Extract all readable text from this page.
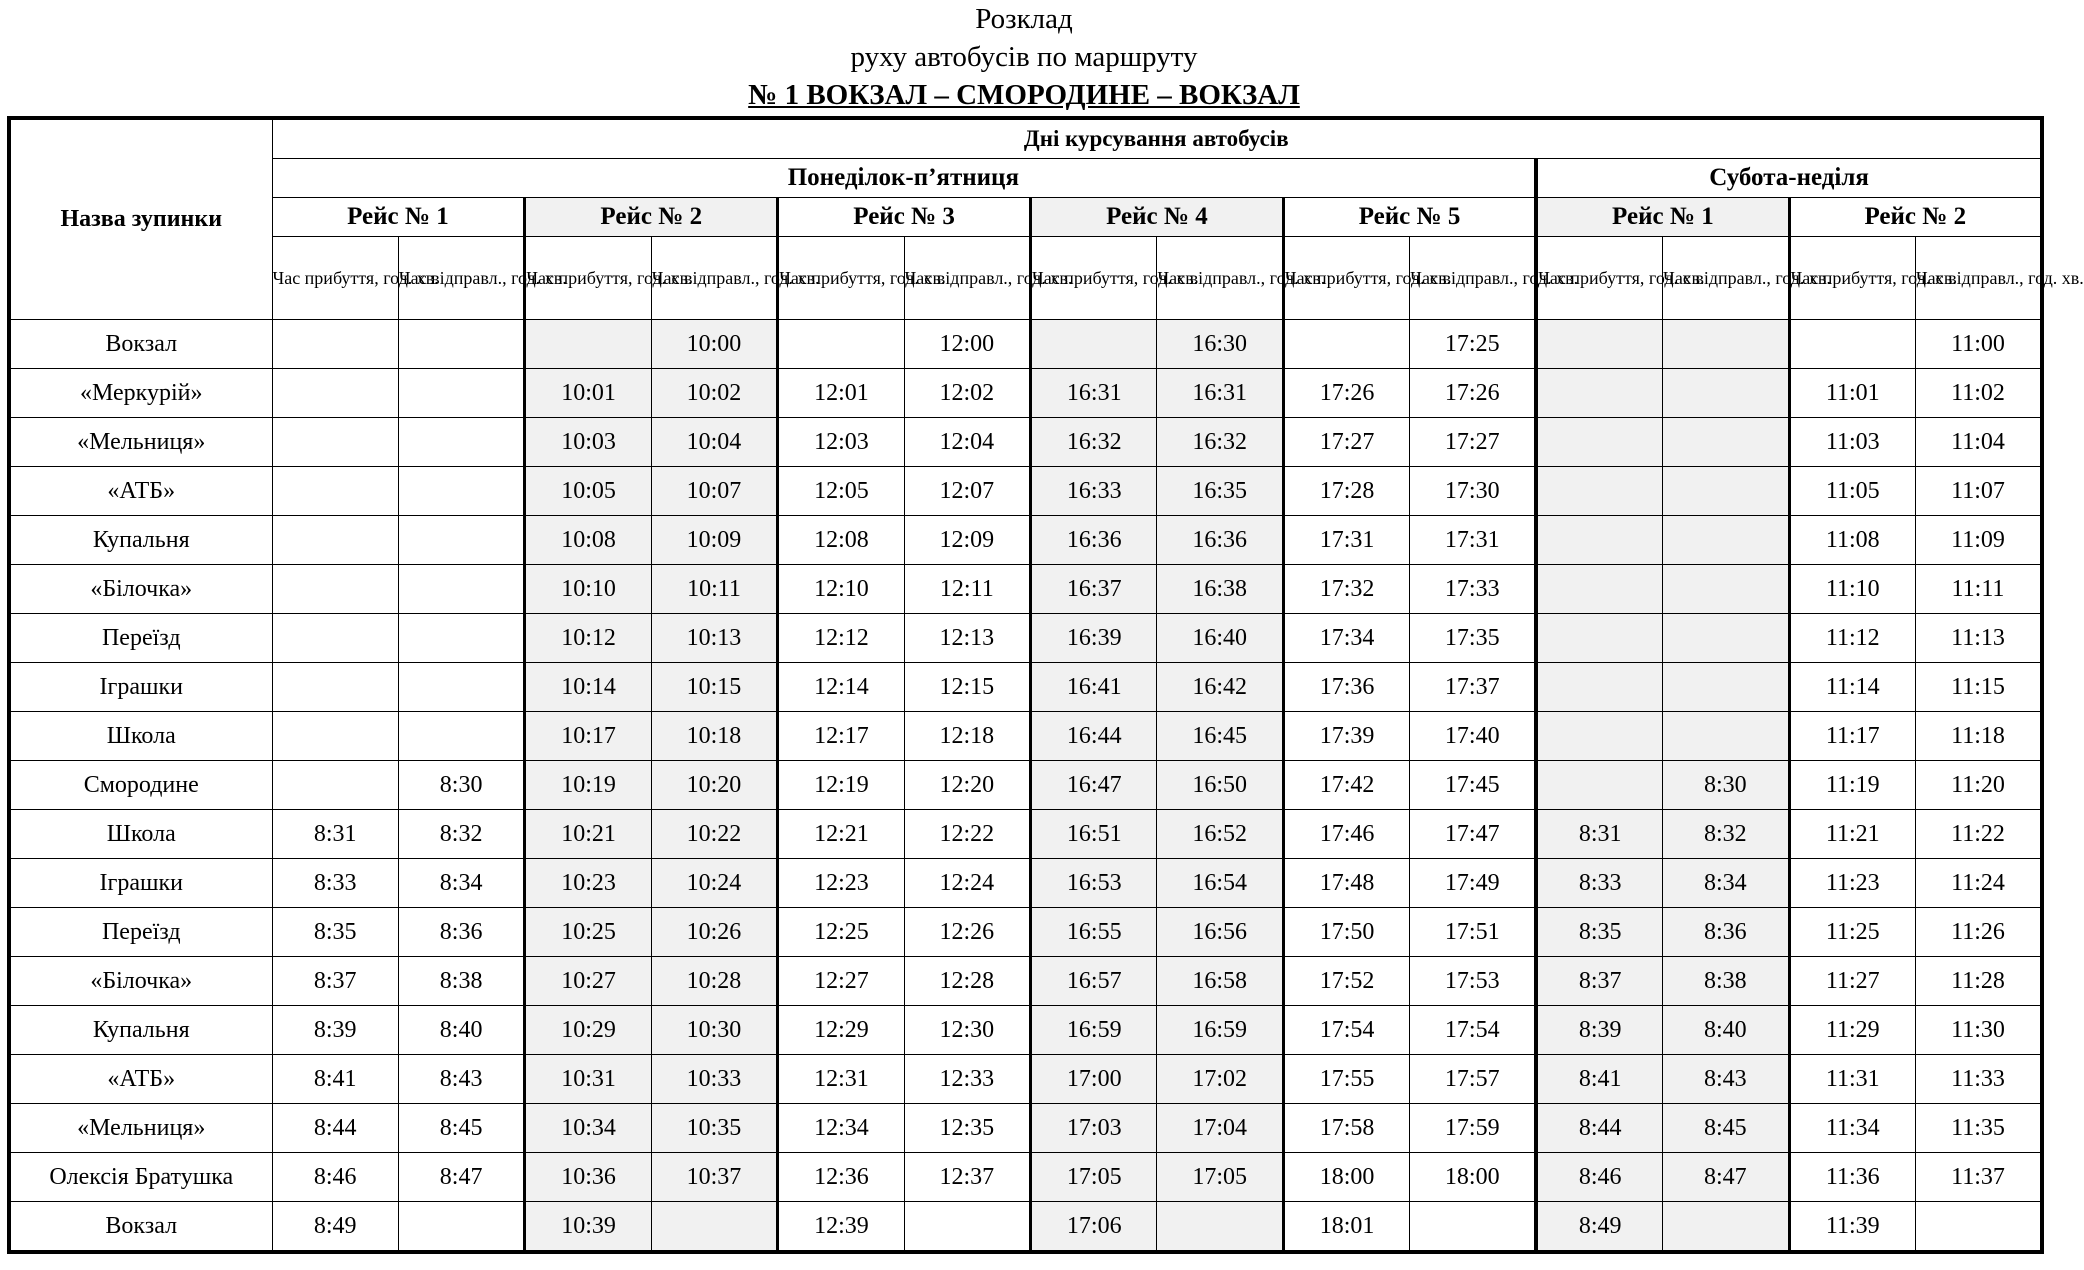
Розклад
руху автобусів по маршруту
№ 1 ВОКЗАЛ – СМОРОДИНЕ – ВОКЗАЛ
Назва зупинки	Дні курсування автобусів													
	Понеділок-п’ятниця										Субота-неділя			
	Рейс № 1		Рейс № 2		Рейс № 3		Рейс № 4		Рейс № 5		Рейс № 1		Рейс № 2	
	Час прибуття, год. хв.	Час відправл., год. хв.	Час прибуття, год. хв.	Час відправл., год. хв.	Час прибуття, год. хв.	Час відправл., год. хв.	Час прибуття, год. хв.	Час відправл., год. хв.	Час прибуття, год. хв.	Час відправл., год. хв.	Час прибуття, год. хв.	Час відправл., год. хв.	Час прибуття, год. хв.	Час відправл., год. хв.
Вокзал				10:00		12:00		16:30		17:25				11:00
«Меркурій»			10:01	10:02	12:01	12:02	16:31	16:31	17:26	17:26			11:01	11:02
«Мельниця»			10:03	10:04	12:03	12:04	16:32	16:32	17:27	17:27			11:03	11:04
«АТБ»			10:05	10:07	12:05	12:07	16:33	16:35	17:28	17:30			11:05	11:07
Купальня			10:08	10:09	12:08	12:09	16:36	16:36	17:31	17:31			11:08	11:09
«Білочка»			10:10	10:11	12:10	12:11	16:37	16:38	17:32	17:33			11:10	11:11
Переїзд			10:12	10:13	12:12	12:13	16:39	16:40	17:34	17:35			11:12	11:13
Іграшки			10:14	10:15	12:14	12:15	16:41	16:42	17:36	17:37			11:14	11:15
Школа			10:17	10:18	12:17	12:18	16:44	16:45	17:39	17:40			11:17	11:18
Смородине		8:30	10:19	10:20	12:19	12:20	16:47	16:50	17:42	17:45		8:30	11:19	11:20
Школа	8:31	8:32	10:21	10:22	12:21	12:22	16:51	16:52	17:46	17:47	8:31	8:32	11:21	11:22
Іграшки	8:33	8:34	10:23	10:24	12:23	12:24	16:53	16:54	17:48	17:49	8:33	8:34	11:23	11:24
Переїзд	8:35	8:36	10:25	10:26	12:25	12:26	16:55	16:56	17:50	17:51	8:35	8:36	11:25	11:26
«Білочка»	8:37	8:38	10:27	10:28	12:27	12:28	16:57	16:58	17:52	17:53	8:37	8:38	11:27	11:28
Купальня	8:39	8:40	10:29	10:30	12:29	12:30	16:59	16:59	17:54	17:54	8:39	8:40	11:29	11:30
«АТБ»	8:41	8:43	10:31	10:33	12:31	12:33	17:00	17:02	17:55	17:57	8:41	8:43	11:31	11:33
«Мельниця»	8:44	8:45	10:34	10:35	12:34	12:35	17:03	17:04	17:58	17:59	8:44	8:45	11:34	11:35
Олексія Братушка	8:46	8:47	10:36	10:37	12:36	12:37	17:05	17:05	18:00	18:00	8:46	8:47	11:36	11:37
Вокзал	8:49		10:39		12:39		17:06		18:01		8:49		11:39	
